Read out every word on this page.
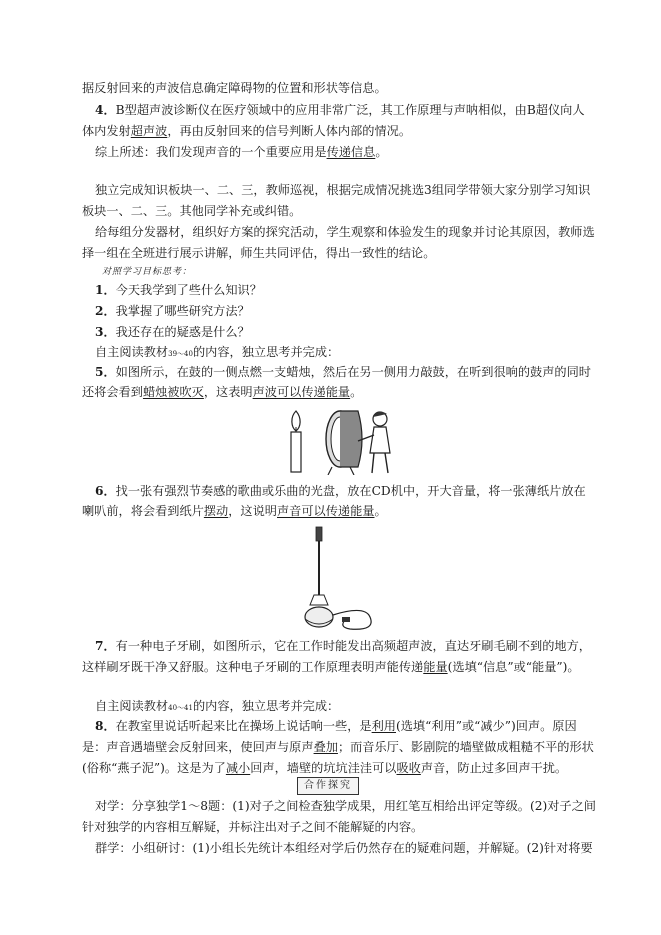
据反射回来的声波信息确定障碍物的位置和形状等信息。
4．B型超声波诊断仪在医疗领域中的应用非常广泛，其工作原理与声呐相似，由B超仪向人
体内发射超声波，再由反射回来的信号判断人体内部的情况。
综上所述：我们发现声音的一个重要应用是传递信息。
独立完成知识板块一、二、三，教师巡视，根据完成情况挑选3组同学带领大家分别学习知识
板块一、二、三。其他同学补充或纠错。
给每组分发器材，组织好方案的探究活动，学生观察和体验发生的现象并讨论其原因，教师选
择一组在全班进行展示讲解，师生共同评估，得出一致性的结论。
对照学习目标思考：
1．今天我学到了些什么知识？
2．我掌握了哪些研究方法？
3．我还存在的疑惑是什么？
自主阅读教材39～40的内容，独立思考并完成：
5．如图所示，在鼓的一侧点燃一支蜡烛，然后在另一侧用力敲鼓，在听到很响的鼓声的同时
还将会看到蜡烛被吹灭，这表明声波可以传递能量。
6．找一张有强烈节奏感的歌曲或乐曲的光盘，放在CD机中，开大音量，将一张薄纸片放在
喇叭前，将会看到纸片摆动，这说明声音可以传递能量。
7．有一种电子牙刷，如图所示，它在工作时能发出高频超声波，直达牙刷毛刷不到的地方，
这样刷牙既干净又舒服。这种电子牙刷的工作原理表明声能传递能量(选填“信息”或“能量”)。
自主阅读教材40～41的内容，独立思考并完成：
8．在教室里说话听起来比在操场上说话响一些，是利用(选填“利用”或“减少”)回声。原因
是：声音遇墙壁会反射回来，使回声与原声叠加；而音乐厅、影剧院的墙壁做成粗糙不平的形状
(俗称“燕子泥”)。这是为了减小回声，墙壁的坑坑洼洼可以吸收声音，防止过多回声干扰。
合作探究
对学：分享独学1～8题：(1)对子之间检查独学成果，用红笔互相给出评定等级。(2)对子之间
针对独学的内容相互解疑，并标注出对子之间不能解疑的内容。
群学：小组研讨：(1)小组长先统计本组经对学后仍然存在的疑难问题，并解疑。(2)针对将要
